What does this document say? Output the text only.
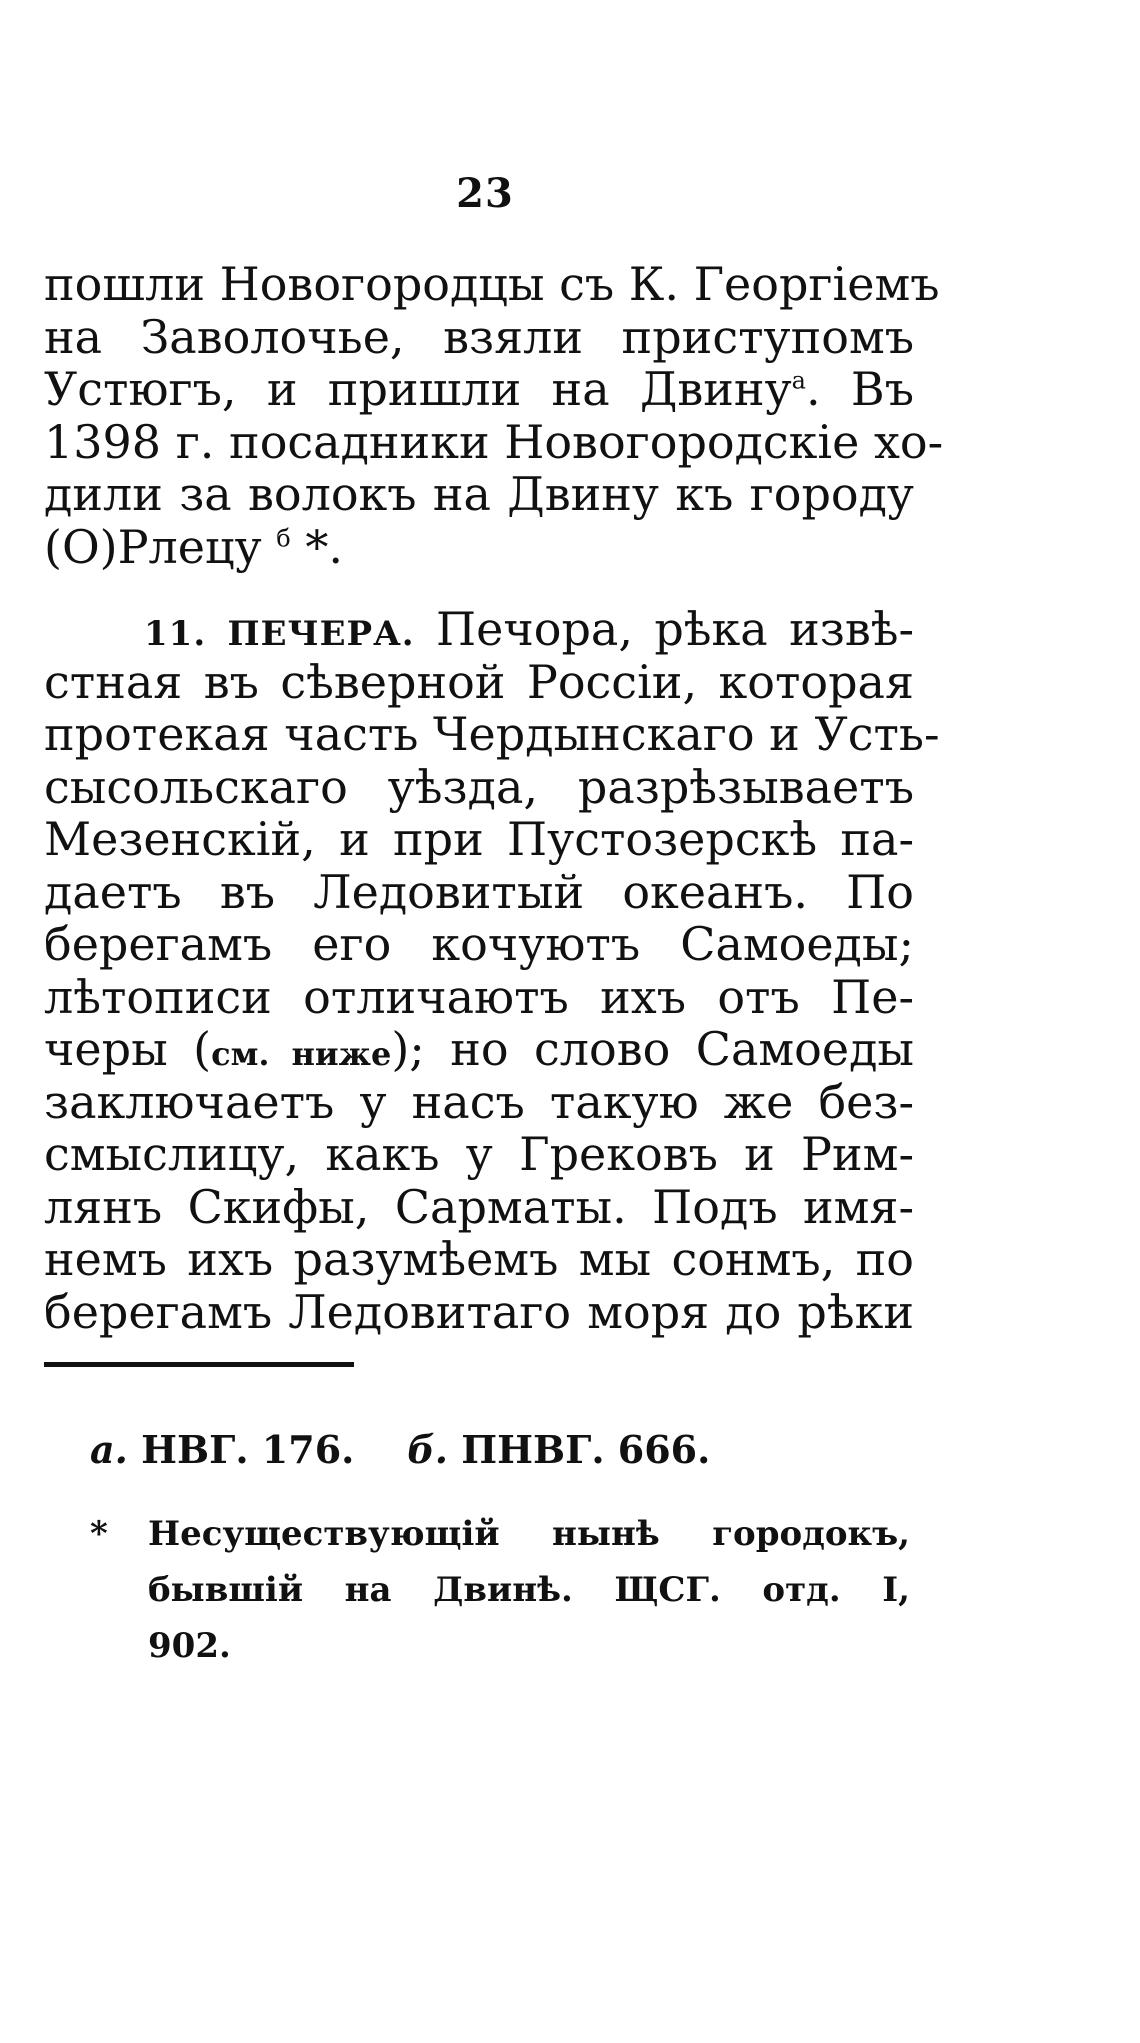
23
пошли Новогородцы съ К. Георгіемъ
на Заволочье, взяли приступомъ
Устюгъ, и пришли на Двину$^а$. Въ
1398 г. посадники Новогородскіе хо-
дили за волокъ на Двину къ городу
(О)Рлецу $^б$ *.
11. ПЕЧЕРА. Печора, рѣка извѣ-
стная въ сѣверной Россіи, которая
протекая часть Чердынскаго и Усть-
сысольскаго уѣзда, разрѣзываетъ
Мезенскій, и при Пустозерскѣ па-
даетъ въ Ледовитый океанъ. По
берегамъ его кочуютъ Самоеды;
лѣтописи отличаютъ ихъ отъ Пе-
черы (см. ниже); но слово Самоеды
заключаетъ у насъ такую же без-
смыслицу, какъ у Грековъ и Рим-
лянъ Скифы, Сарматы. Подъ имя-
немъ ихъ разумѣемъ мы сонмъ, по
берегамъ Ледовитаго моря до рѣки
а. НВГ. 176. б. ПНВГ. 666.
* Несуществующій нынѣ городокъ,
бывшій на Двинѣ. ЩСГ. отд. I,
902.
